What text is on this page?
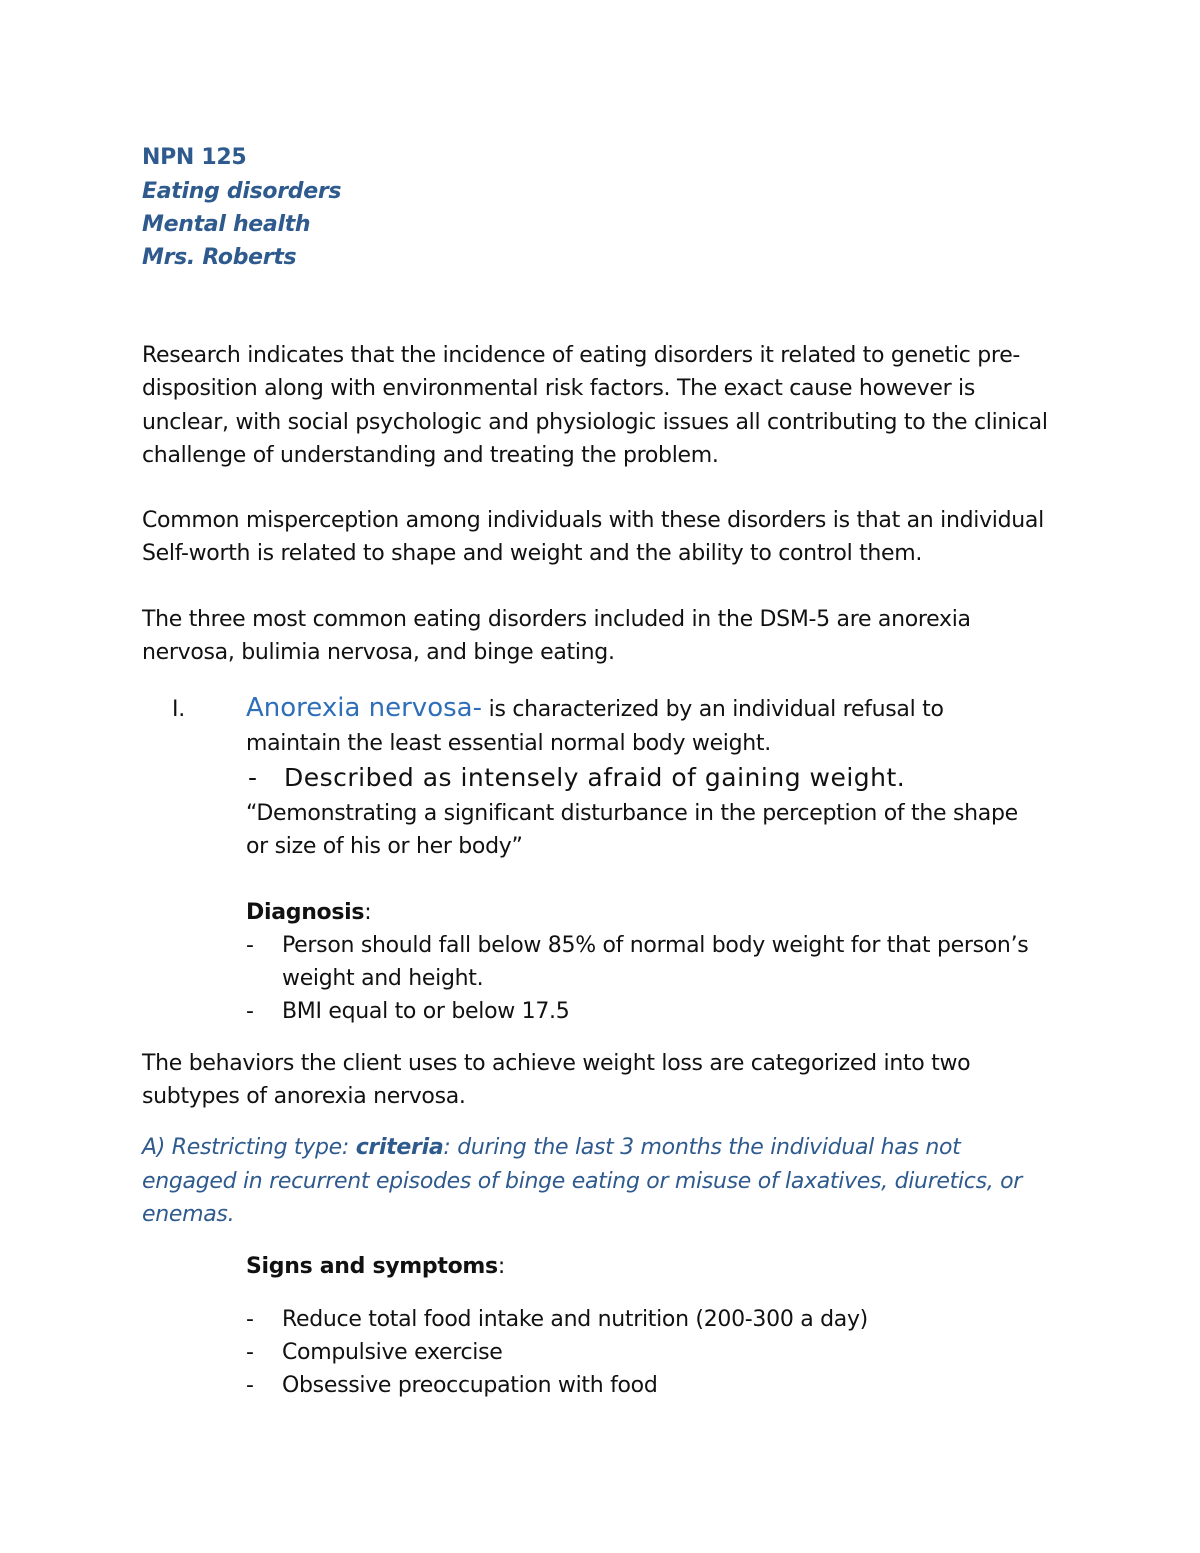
NPN 125
Eating disorders
Mental health
Mrs. Roberts
Research indicates that the incidence of eating disorders it related to genetic pre-
disposition along with environmental risk factors. The exact cause however is
unclear, with social psychologic and physiologic issues all contributing to the clinical
challenge of understanding and treating the problem.
Common misperception among individuals with these disorders is that an individual
Self-worth is related to shape and weight and the ability to control them.
The three most common eating disorders included in the DSM-5 are anorexia
nervosa, bulimia nervosa, and binge eating.
I. Anorexia nervosa- is characterized by an individual refusal to
maintain the least essential normal body weight.
- Described as intensely afraid of gaining weight.
“Demonstrating a significant disturbance in the perception of the shape
or size of his or her body”
Diagnosis:
- Person should fall below 85% of normal body weight for that person’s
weight and height.
- BMI equal to or below 17.5
The behaviors the client uses to achieve weight loss are categorized into two
subtypes of anorexia nervosa.
A) Restricting type: criteria: during the last 3 months the individual has not
engaged in recurrent episodes of binge eating or misuse of laxatives, diuretics, or
enemas.
Signs and symptoms:
- Reduce total food intake and nutrition (200-300 a day)
- Compulsive exercise
- Obsessive preoccupation with food
